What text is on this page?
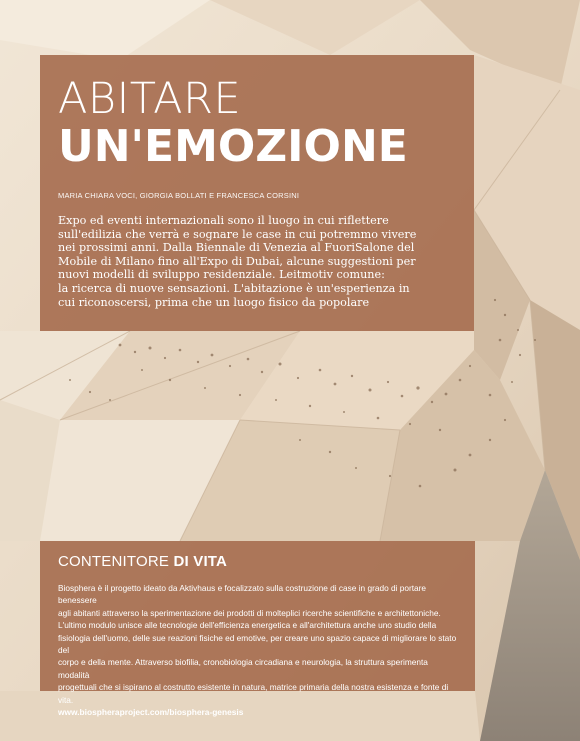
ABITARE
UN'EMOZIONE
MARIA CHIARA VOCI, GIORGIA BOLLATI E FRANCESCA CORSINI

Expo ed eventi internazionali sono il luogo in cui riflettere
sull'edilizia che verrà e sognare le case in cui potremmo vivere
nei prossimi anni. Dalla Biennale di Venezia al FuoriSalone del
Mobile di Milano fino all'Expo di Dubai, alcune suggestioni per
nuovi modelli di sviluppo residenziale. Leitmotiv comune:
la ricerca di nuove sensazioni. L'abitazione è un'esperienza in
cui riconoscersi, prima che un luogo fisico da popolare

CONTENITORE DI VITA
Biosphera è il progetto ideato da Aktivhaus e focalizzato sulla costruzione di case in grado di portare benessere
agli abitanti attraverso la sperimentazione dei prodotti di molteplici ricerche scientifiche e architettoniche.
L'ultimo modulo unisce alle tecnologie dell'efficienza energetica e all'architettura anche uno studio della
fisiologia dell'uomo, delle sue reazioni fisiche ed emotive, per creare uno spazio capace di migliorare lo stato del
corpo e della mente. Attraverso biofilia, cronobiologia circadiana e neurologia, la struttura sperimenta modalità
progettuali che si ispirano al costrutto esistente in natura, matrice primaria della nostra esistenza e fonte di vita.
www.biospheraproject.com/biosphera-genesis
